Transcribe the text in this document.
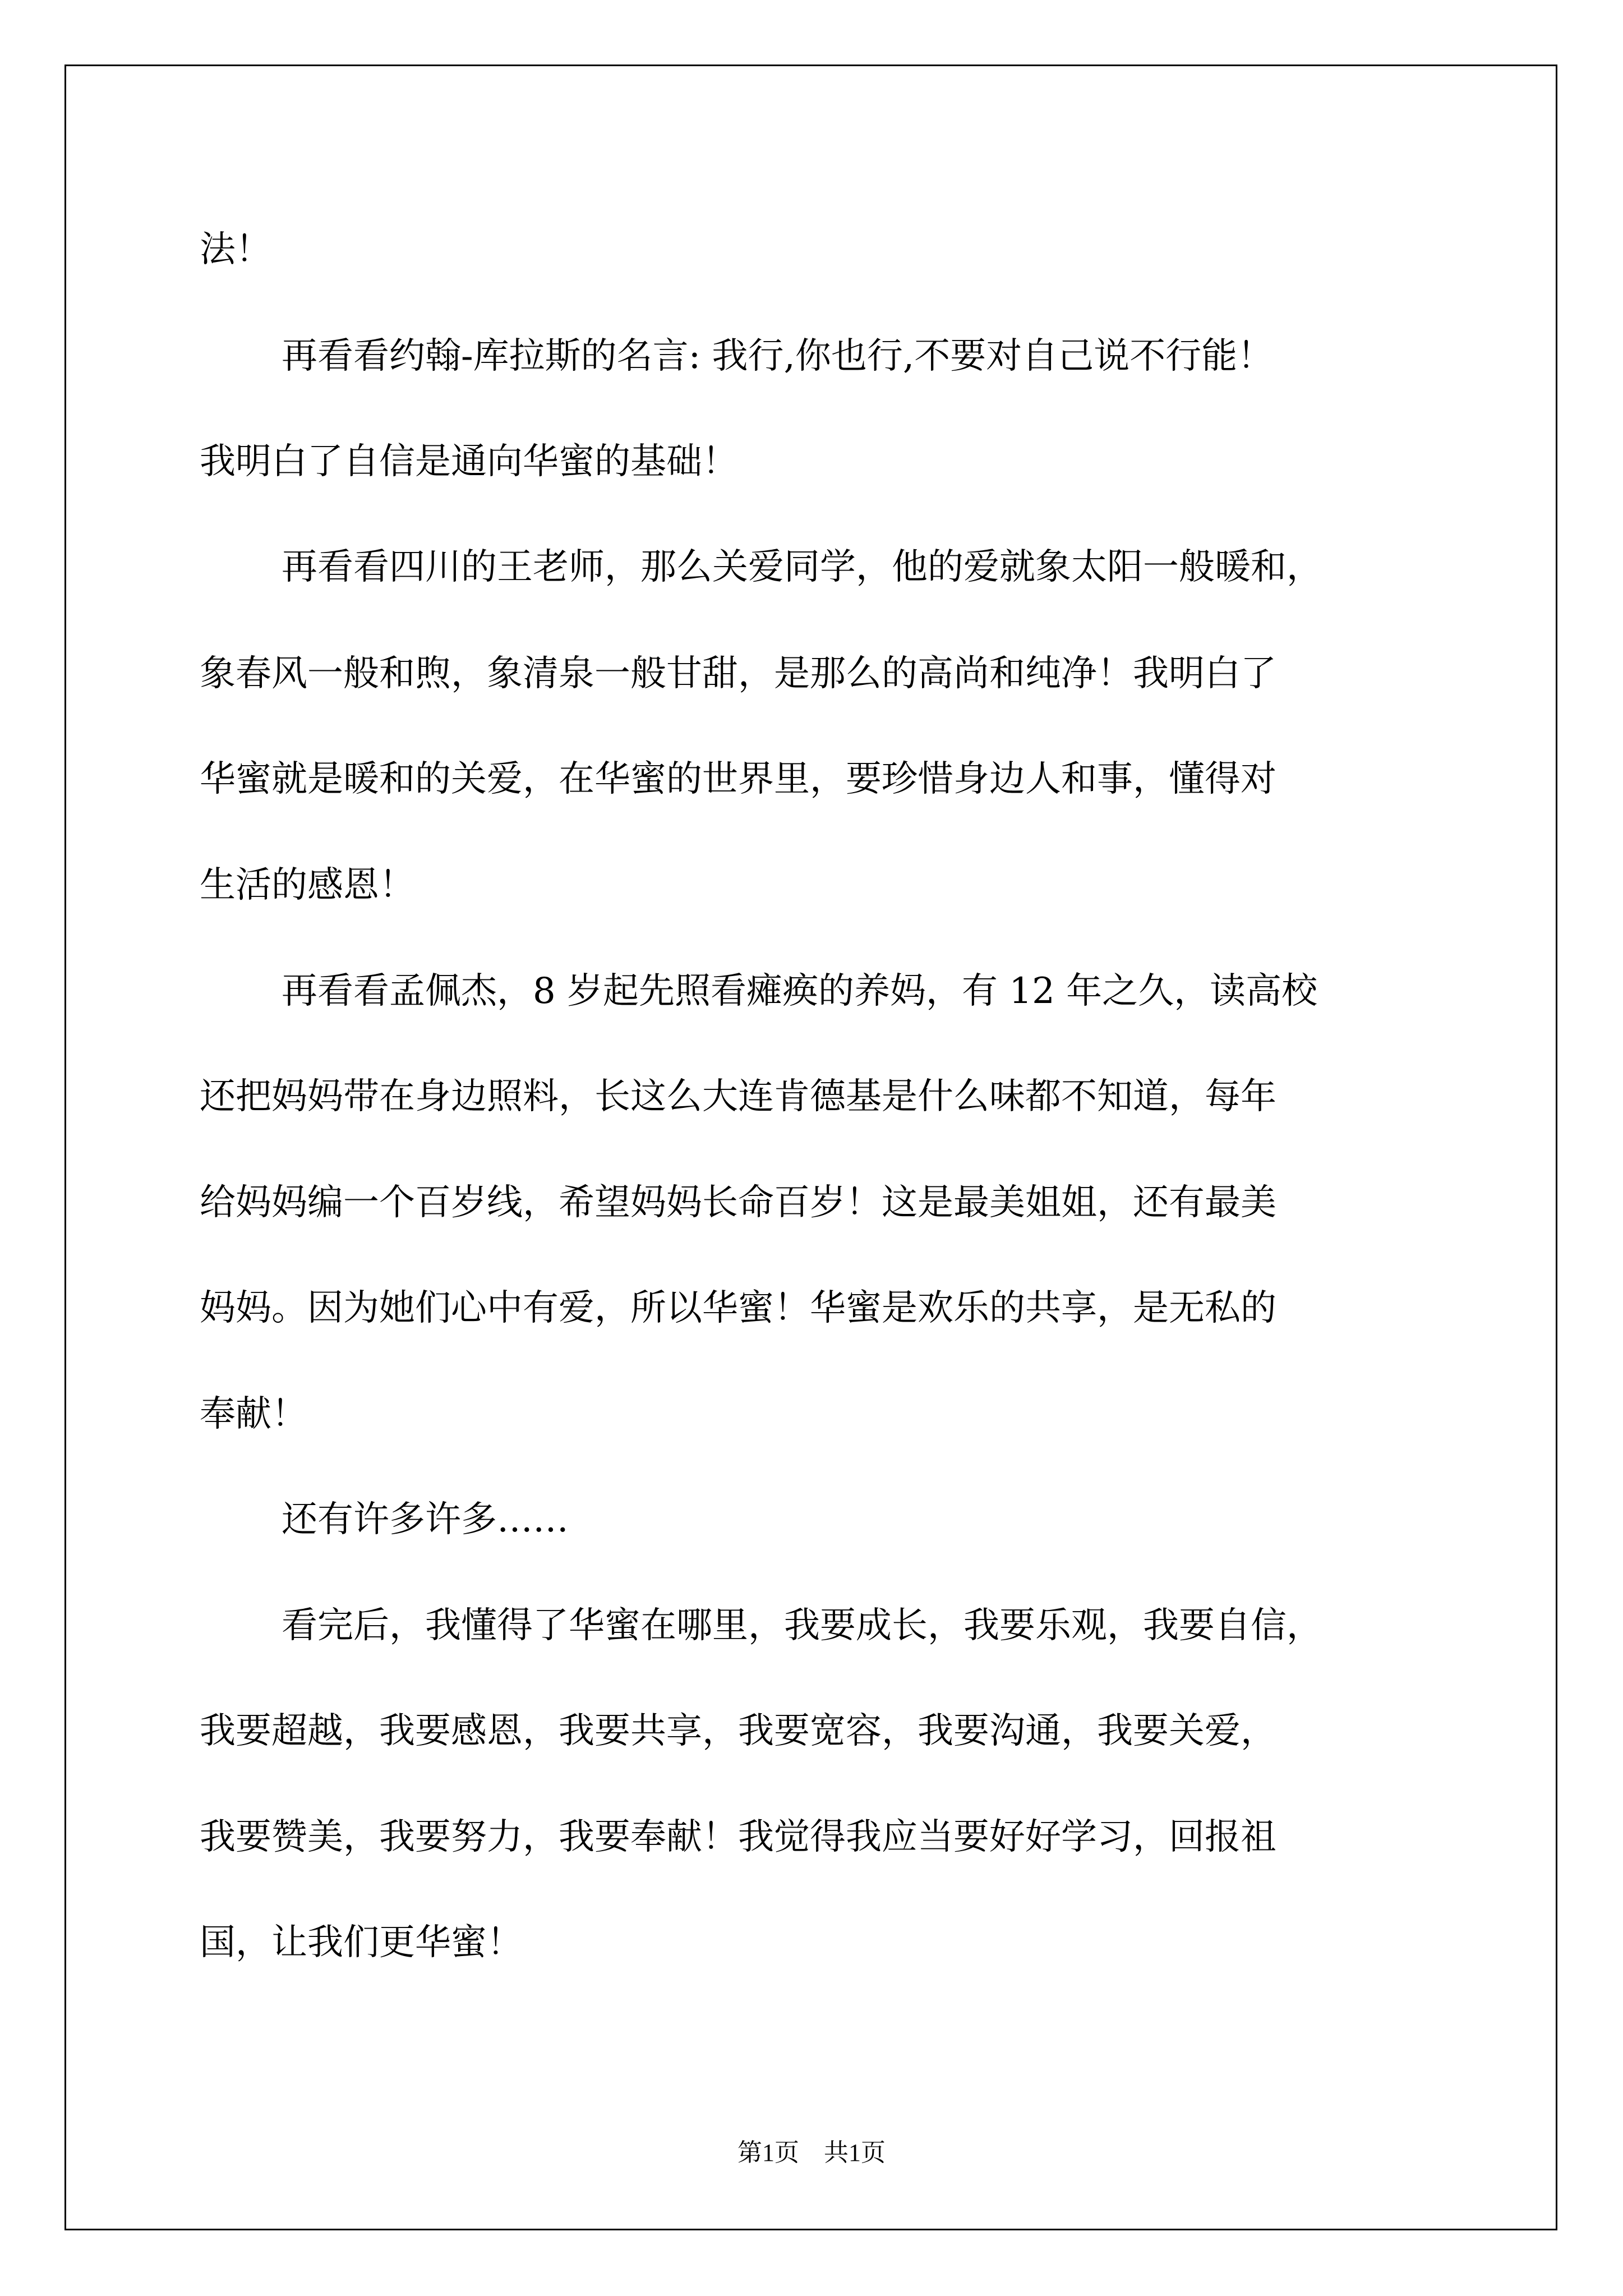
法！
再看看约翰-库拉斯的名言: 我行,你也行,不要对自己说不行能！
我明白了自信是通向华蜜的基础！
再看看四川的王老师，那么关爱同学，他的爱就象太阳一般暖和，
象春风一般和煦，象清泉一般甘甜，是那么的高尚和纯净！我明白了
华蜜就是暖和的关爱，在华蜜的世界里，要珍惜身边人和事，懂得对
生活的感恩！
再看看孟佩杰，8 岁起先照看瘫痪的养妈，有 12 年之久，读高校
还把妈妈带在身边照料，长这么大连肯德基是什么味都不知道，每年
给妈妈编一个百岁线，希望妈妈长命百岁！这是最美姐姐，还有最美
妈妈。因为她们心中有爱，所以华蜜！华蜜是欢乐的共享，是无私的
奉献！
还有许多许多……
看完后，我懂得了华蜜在哪里，我要成长，我要乐观，我要自信，
我要超越，我要感恩，我要共享，我要宽容，我要沟通，我要关爱，
我要赞美，我要努力，我要奉献！我觉得我应当要好好学习，回报祖
国，让我们更华蜜！
第1页　共1页
